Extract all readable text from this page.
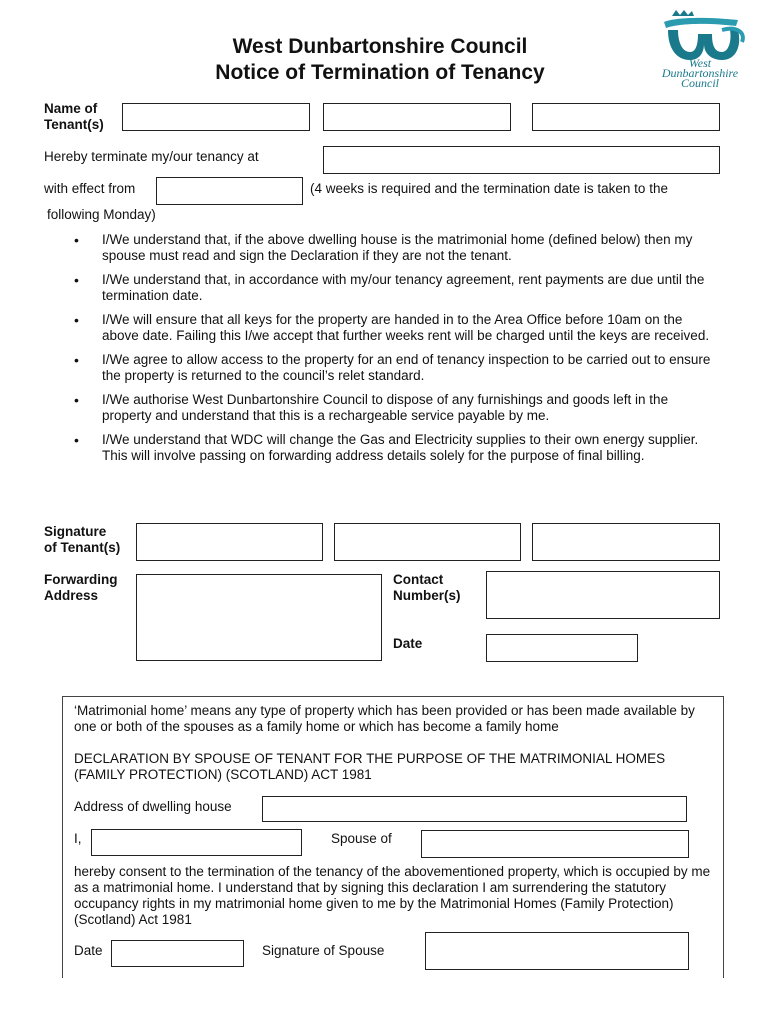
West Dunbartonshire Council
Notice of Termination of Tenancy	West
Dunbartonshire
Council
Name of
Tenant(s)
Hereby terminate my/our tenancy at
with effect from	(4 weeks is required and the termination date is taken to the
following Monday)
• I/We understand that, if the above dwelling house is the matrimonial home (defined below) then my spouse must read and sign the Declaration if they are not the tenant.
• I/We understand that, in accordance with my/our tenancy agreement, rent payments are due until the termination date.
• I/We will ensure that all keys for the property are handed in to the Area Office before 10am on the above date. Failing this I/we accept that further weeks rent will be charged until the keys are received.
• I/We agree to allow access to the property for an end of tenancy inspection to be carried out to ensure the property is returned to the council’s relet standard.
• I/We authorise West Dunbartonshire Council to dispose of any furnishings and goods left in the property and understand that this is a rechargeable service payable by me.
• I/We understand that WDC will change the Gas and Electricity supplies to their own energy supplier. This will involve passing on forwarding address details solely for the purpose of final billing.
Signature
of Tenant(s)
Forwarding
Address
Contact
Number(s)
Date
‘Matrimonial home’ means any type of property which has been provided or has been made available by one or both of the spouses as a family home or which has become a family home
DECLARATION BY SPOUSE OF TENANT FOR THE PURPOSE OF THE MATRIMONIAL HOMES (FAMILY PROTECTION) (SCOTLAND) ACT 1981
Address of dwelling house
I,	Spouse of
hereby consent to the termination of the tenancy of the abovementioned property, which is occupied by me as a matrimonial home. I understand that by signing this declaration I am surrendering the statutory occupancy rights in my matrimonial home given to me by the Matrimonial Homes (Family Protection) (Scotland) Act 1981
Date	Signature of Spouse
